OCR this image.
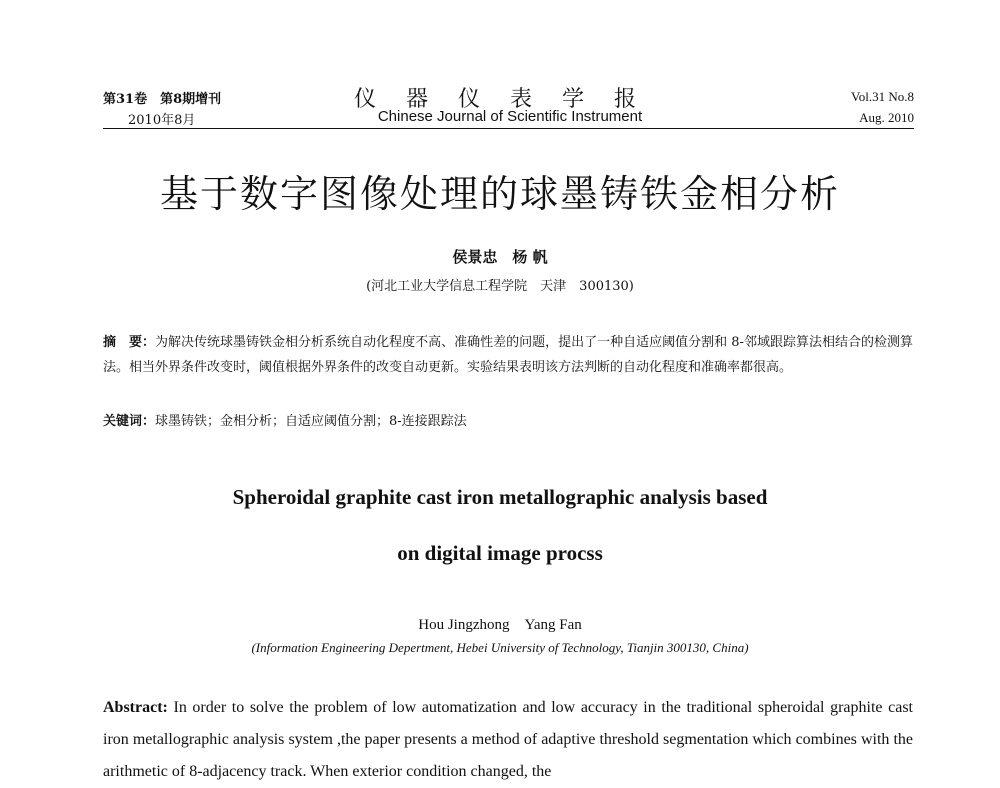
第31卷　第8期增刊
2010年8月
仪器仪表学报
Chinese Journal of Scientific Instrument
Vol.31 No.8
Aug. 2010
基于数字图像处理的球墨铸铁金相分析
侯景忠　杨 帆
(河北工业大学信息工程学院　天津　300130)
摘　要：为解决传统球墨铸铁金相分析系统自动化程度不高、准确性差的问题，提出了一种自适应阈值分割和 8-邻域跟踪算法相结合的检测算法。相当外界条件改变时，阈值根据外界条件的改变自动更新。实验结果表明该方法判断的自动化程度和准确率都很高。
关键词：球墨铸铁；金相分析；自适应阈值分割；8-连接跟踪法
Spheroidal graphite cast iron metallographic analysis based
on digital image procss
Hou Jingzhong　Yang Fan
(Information Engineering Depertment, Hebei University of Technology, Tianjin 300130, China)
Abstract: In order to solve the problem of low automatization and low accuracy in the traditional spheroidal graphite cast iron metallographic analysis system ,the paper presents a method of adaptive threshold segmentation which combines with the arithmetic of 8-adjacency track. When exterior condition changed, the
